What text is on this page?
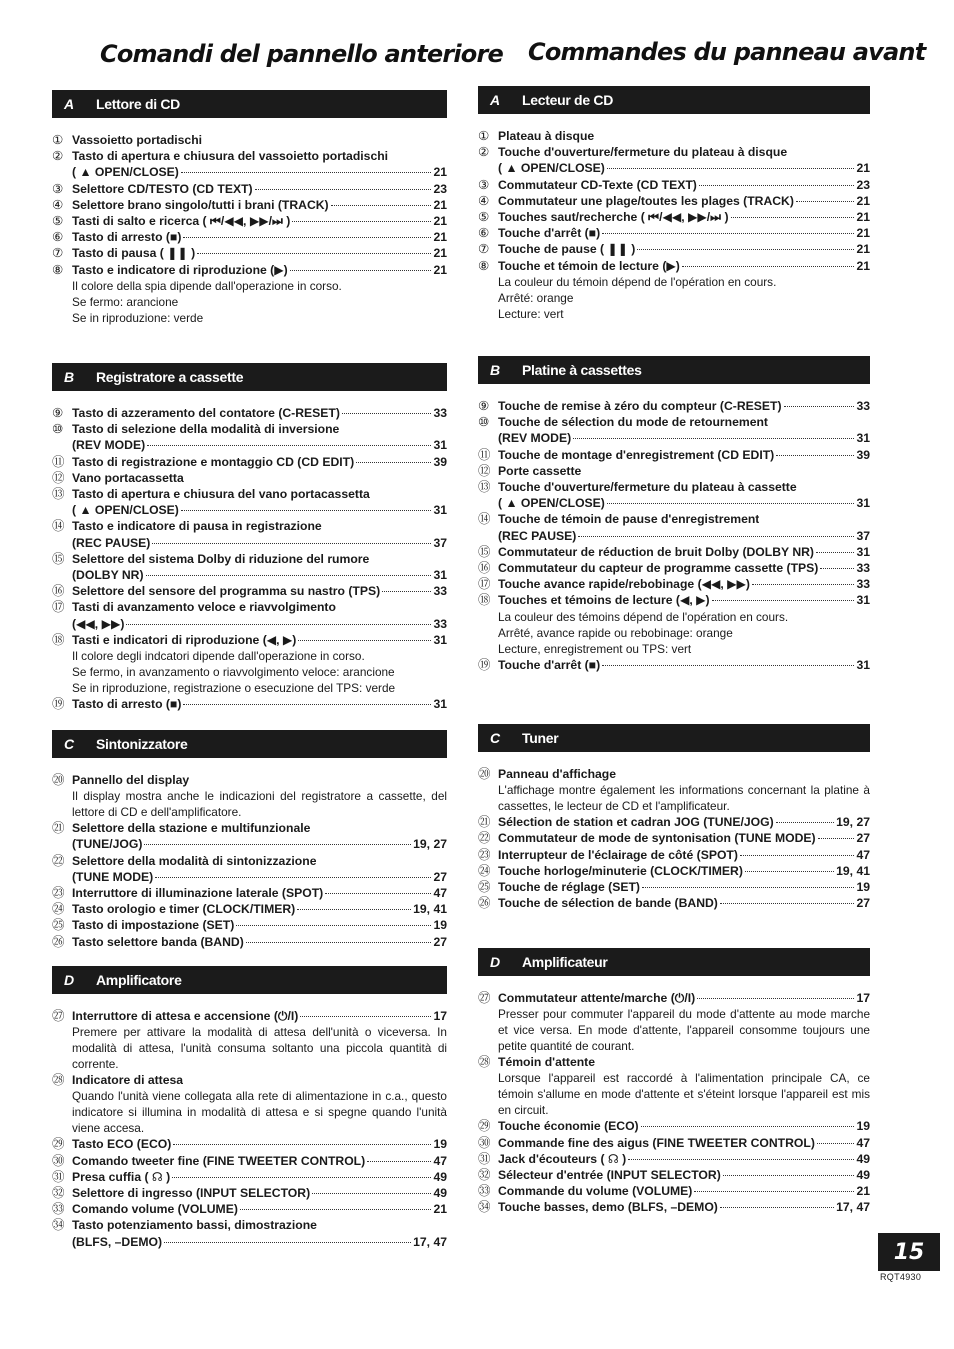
Comandi del pannello anteriore
A	Lettore di CD
① Vassoietto portadischi
② Tasto di apertura e chiusura del vassoietto portadischi
( ▲ OPEN/CLOSE)	21
③ Selettore CD/TESTO (CD TEXT)	23
④ Selettore brano singolo/tutti i brani (TRACK)	21
⑤ Tasti di salto e ricerca ( ⏮/◀◀, ▶▶/⏭ )	21
⑥ Tasto di arresto (■)	21
⑦ Tasto di pausa ( ❚❚ )	21
⑧ Tasto e indicatore di riproduzione (▶)	21
Il colore della spia dipende dall'operazione in corso.
Se fermo: arancione
Se in riproduzione: verde
B	Registratore a cassette
⑨ Tasto di azzeramento del contatore (C-RESET)	33
⑩ Tasto di selezione della modalità di inversione
(REV MODE)	31
⑪ Tasto di registrazione e montaggio CD (CD EDIT)	39
⑫ Vano portacassetta
⑬ Tasto di apertura e chiusura del vano portacassetta
( ▲ OPEN/CLOSE)	31
⑭ Tasto e indicatore di pausa in registrazione
(REC PAUSE)	37
⑮ Selettore del sistema Dolby di riduzione del rumore
(DOLBY NR)	31
⑯ Selettore del sensore del programma su nastro (TPS)	33
⑰ Tasti di avanzamento veloce e riavvolgimento
(◀◀, ▶▶)	33
⑱ Tasti e indicatori di riproduzione (◀, ▶)	31
Il colore degli indcatori dipende dall'operazione in corso.
Se fermo, in avanzamento o riavvolgimento veloce: arancione
Se in riproduzione, registrazione o esecuzione del TPS: verde
⑲ Tasto di arresto (■)	31
C	Sintonizzatore
⑳ Pannello del display
Il display mostra anche le indicazioni del registratore a cassette, del lettore di CD e dell'amplificatore.
㉑ Selettore della stazione e multifunzionale
(TUNE/JOG)	19, 27
㉒ Selettore della modalità di sintonizzazione
(TUNE MODE)	27
㉓ Interruttore di illuminazione laterale (SPOT)	47
㉔ Tasto orologio e timer (CLOCK/TIMER)	19, 41
㉕ Tasto di impostazione (SET)	19
㉖ Tasto selettore banda (BAND)	27
D	Amplificatore
㉗ Interruttore di attesa e accensione (⏻/I)	17
Premere per attivare la modalità di attesa dell'unità o viceversa. In modalità di attesa, l'unità consuma soltanto una piccola quantità di corrente.
㉘ Indicatore di attesa
Quando l'unità viene collegata alla rete di alimentazione in c.a., questo indicatore si illumina in modalità di attesa e si spegne quando l'unità viene accesa.
㉙ Tasto ECO (ECO)	19
㉚ Comando tweeter fine (FINE TWEETER CONTROL)	47
㉛ Presa cuffia ( ☊ )	49
㉜ Selettore di ingresso (INPUT SELECTOR)	49
㉝ Comando volume (VOLUME)	21
㉞ Tasto potenziamento bassi, dimostrazione
(BLFS, –DEMO)	17, 47
Commandes du panneau avant
A	Lecteur de CD
① Plateau à disque
② Touche d'ouverture/fermeture du plateau à disque
( ▲ OPEN/CLOSE)	21
③ Commutateur CD-Texte (CD TEXT)	23
④ Commutateur une plage/toutes les plages (TRACK)	21
⑤ Touches saut/recherche ( ⏮/◀◀, ▶▶/⏭ )	21
⑥ Touche d'arrêt (■)	21
⑦ Touche de pause ( ❚❚ )	21
⑧ Touche et témoin de lecture (▶)	21
La couleur du témoin dépend de l'opération en cours.
Arrêté: orange
Lecture: vert
B	Platine à cassettes
⑨ Touche de remise à zéro du compteur (C-RESET)	33
⑩ Touche de sélection du mode de retournement
(REV MODE)	31
⑪ Touche de montage d'enregistrement (CD EDIT)	39
⑫ Porte cassette
⑬ Touche d'ouverture/fermeture du plateau à cassette
( ▲ OPEN/CLOSE)	31
⑭ Touche de témoin de pause d'enregistrement
(REC PAUSE)	37
⑮ Commutateur de réduction de bruit Dolby (DOLBY NR)	31
⑯ Commutateur du capteur de programme cassette (TPS)	33
⑰ Touche avance rapide/rebobinage (◀◀, ▶▶)	33
⑱ Touches et témoins de lecture (◀, ▶)	31
La couleur des témoins dépend de l'opération en cours.
Arrêté, avance rapide ou rebobinage: orange
Lecture, enregistrement ou TPS: vert
⑲ Touche d'arrêt (■)	31
C	Tuner
⑳ Panneau d'affichage
L'affichage montre également les informations concernant la platine à cassettes, le lecteur de CD et l'amplificateur.
㉑ Sélection de station et cadran JOG (TUNE/JOG)	19, 27
㉒ Commutateur de mode de syntonisation (TUNE MODE)	27
㉓ Interrupteur de l'éclairage de côté (SPOT)	47
㉔ Touche horloge/minuterie (CLOCK/TIMER)	19, 41
㉕ Touche de réglage (SET)	19
㉖ Touche de sélection de bande (BAND)	27
D	Amplificateur
㉗ Commutateur attente/marche (⏻/I)	17
Presser pour commuter l'appareil du mode d'attente au mode marche et vice versa. En mode d'attente, l'appareil consomme toujours une petite quantité de courant.
㉘ Témoin d'attente
Lorsque l'appareil est raccordé à l'alimentation principale CA, ce témoin s'allume en mode d'attente et s'éteint lorsque l'appareil est mis en circuit.
㉙ Touche économie (ECO)	19
㉚ Commande fine des aigus (FINE TWEETER CONTROL)	47
㉛ Jack d'écouteurs ( ☊ )	49
㉜ Sélecteur d'entrée (INPUT SELECTOR)	49
㉝ Commande du volume (VOLUME)	21
㉞ Touche basses, demo (BLFS, –DEMO)	17, 47
15
RQT4930
